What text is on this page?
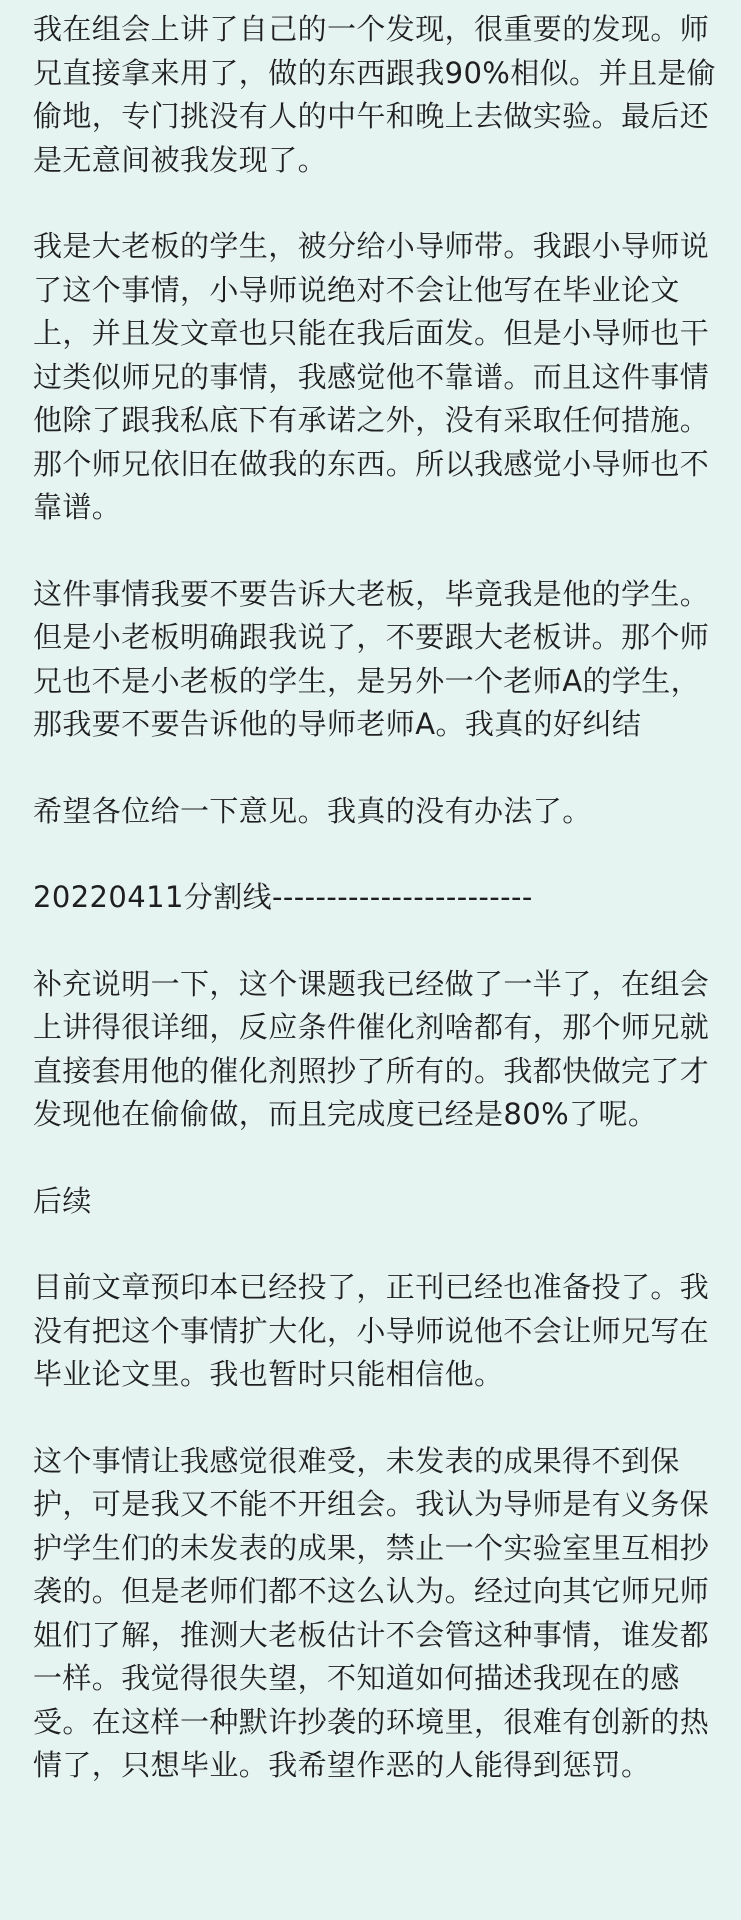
我在组会上讲了自己的一个发现，很重要的发现。师兄直接拿来用了，做的东西跟我90%相似。并且是偷偷地，专门挑没有人的中午和晚上去做实验。最后还是无意间被我发现了。

我是大老板的学生，被分给小导师带。我跟小导师说了这个事情，小导师说绝对不会让他写在毕业论文上，并且发文章也只能在我后面发。但是小导师也干过类似师兄的事情，我感觉他不靠谱。而且这件事情他除了跟我私底下有承诺之外，没有采取任何措施。那个师兄依旧在做我的东西。所以我感觉小导师也不靠谱。

这件事情我要不要告诉大老板，毕竟我是他的学生。但是小老板明确跟我说了，不要跟大老板讲。那个师兄也不是小老板的学生，是另外一个老师A的学生，那我要不要告诉他的导师老师A。我真的好纠结

希望各位给一下意见。我真的没有办法了。

20220411分割线------------------------

补充说明一下，这个课题我已经做了一半了，在组会上讲得很详细，反应条件催化剂啥都有，那个师兄就直接套用他的催化剂照抄了所有的。我都快做完了才发现他在偷偷做，而且完成度已经是80%了呢。

后续

目前文章预印本已经投了，正刊已经也准备投了。我没有把这个事情扩大化，小导师说他不会让师兄写在毕业论文里。我也暂时只能相信他。

这个事情让我感觉很难受，未发表的成果得不到保护，可是我又不能不开组会。我认为导师是有义务保护学生们的未发表的成果，禁止一个实验室里互相抄袭的。但是老师们都不这么认为。经过向其它师兄师姐们了解，推测大老板估计不会管这种事情，谁发都一样。我觉得很失望，不知道如何描述我现在的感受。在这样一种默许抄袭的环境里，很难有创新的热情了，只想毕业。我希望作恶的人能得到惩罚。
